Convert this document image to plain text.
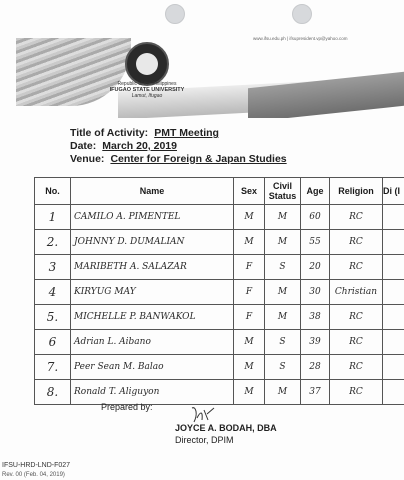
www.ifsu.edu.ph | ifsupresident.vp@yahoo.com
Republic of the Philippines
IFUGAO STATE UNIVERSITY
Lamut, Ifugao
Title of Activity: PMT Meeting
Date: March 20, 2019
Venue: Center for Foreign & Japan Studies
No.	Name	Sex	Civil Status	Age	Religion	Di (I
1	CAMILO A. PIMENTEL	M	M	60	RC	
2.	JOHNNY D. DUMALIAN	M	M	55	RC	
3	MARIBETH A. SALAZAR	F	S	20	RC	
4	KIRYUG MAY	F	M	30	Christian	
5.	MICHELLE P. BANWAKOL	F	M	38	RC	
6	Adrian L. Aibano	M	S	39	RC	
7.	Peer Sean M. Balao	M	S	28	RC	
8.	Ronald T. Aliguyon	M	M	37	RC	
Prepared by:
JOYCE A. BODAH, DBA
Director, DPIM
IFSU-HRD-LND-F027
Rev. 00 (Feb. 04, 2019)
